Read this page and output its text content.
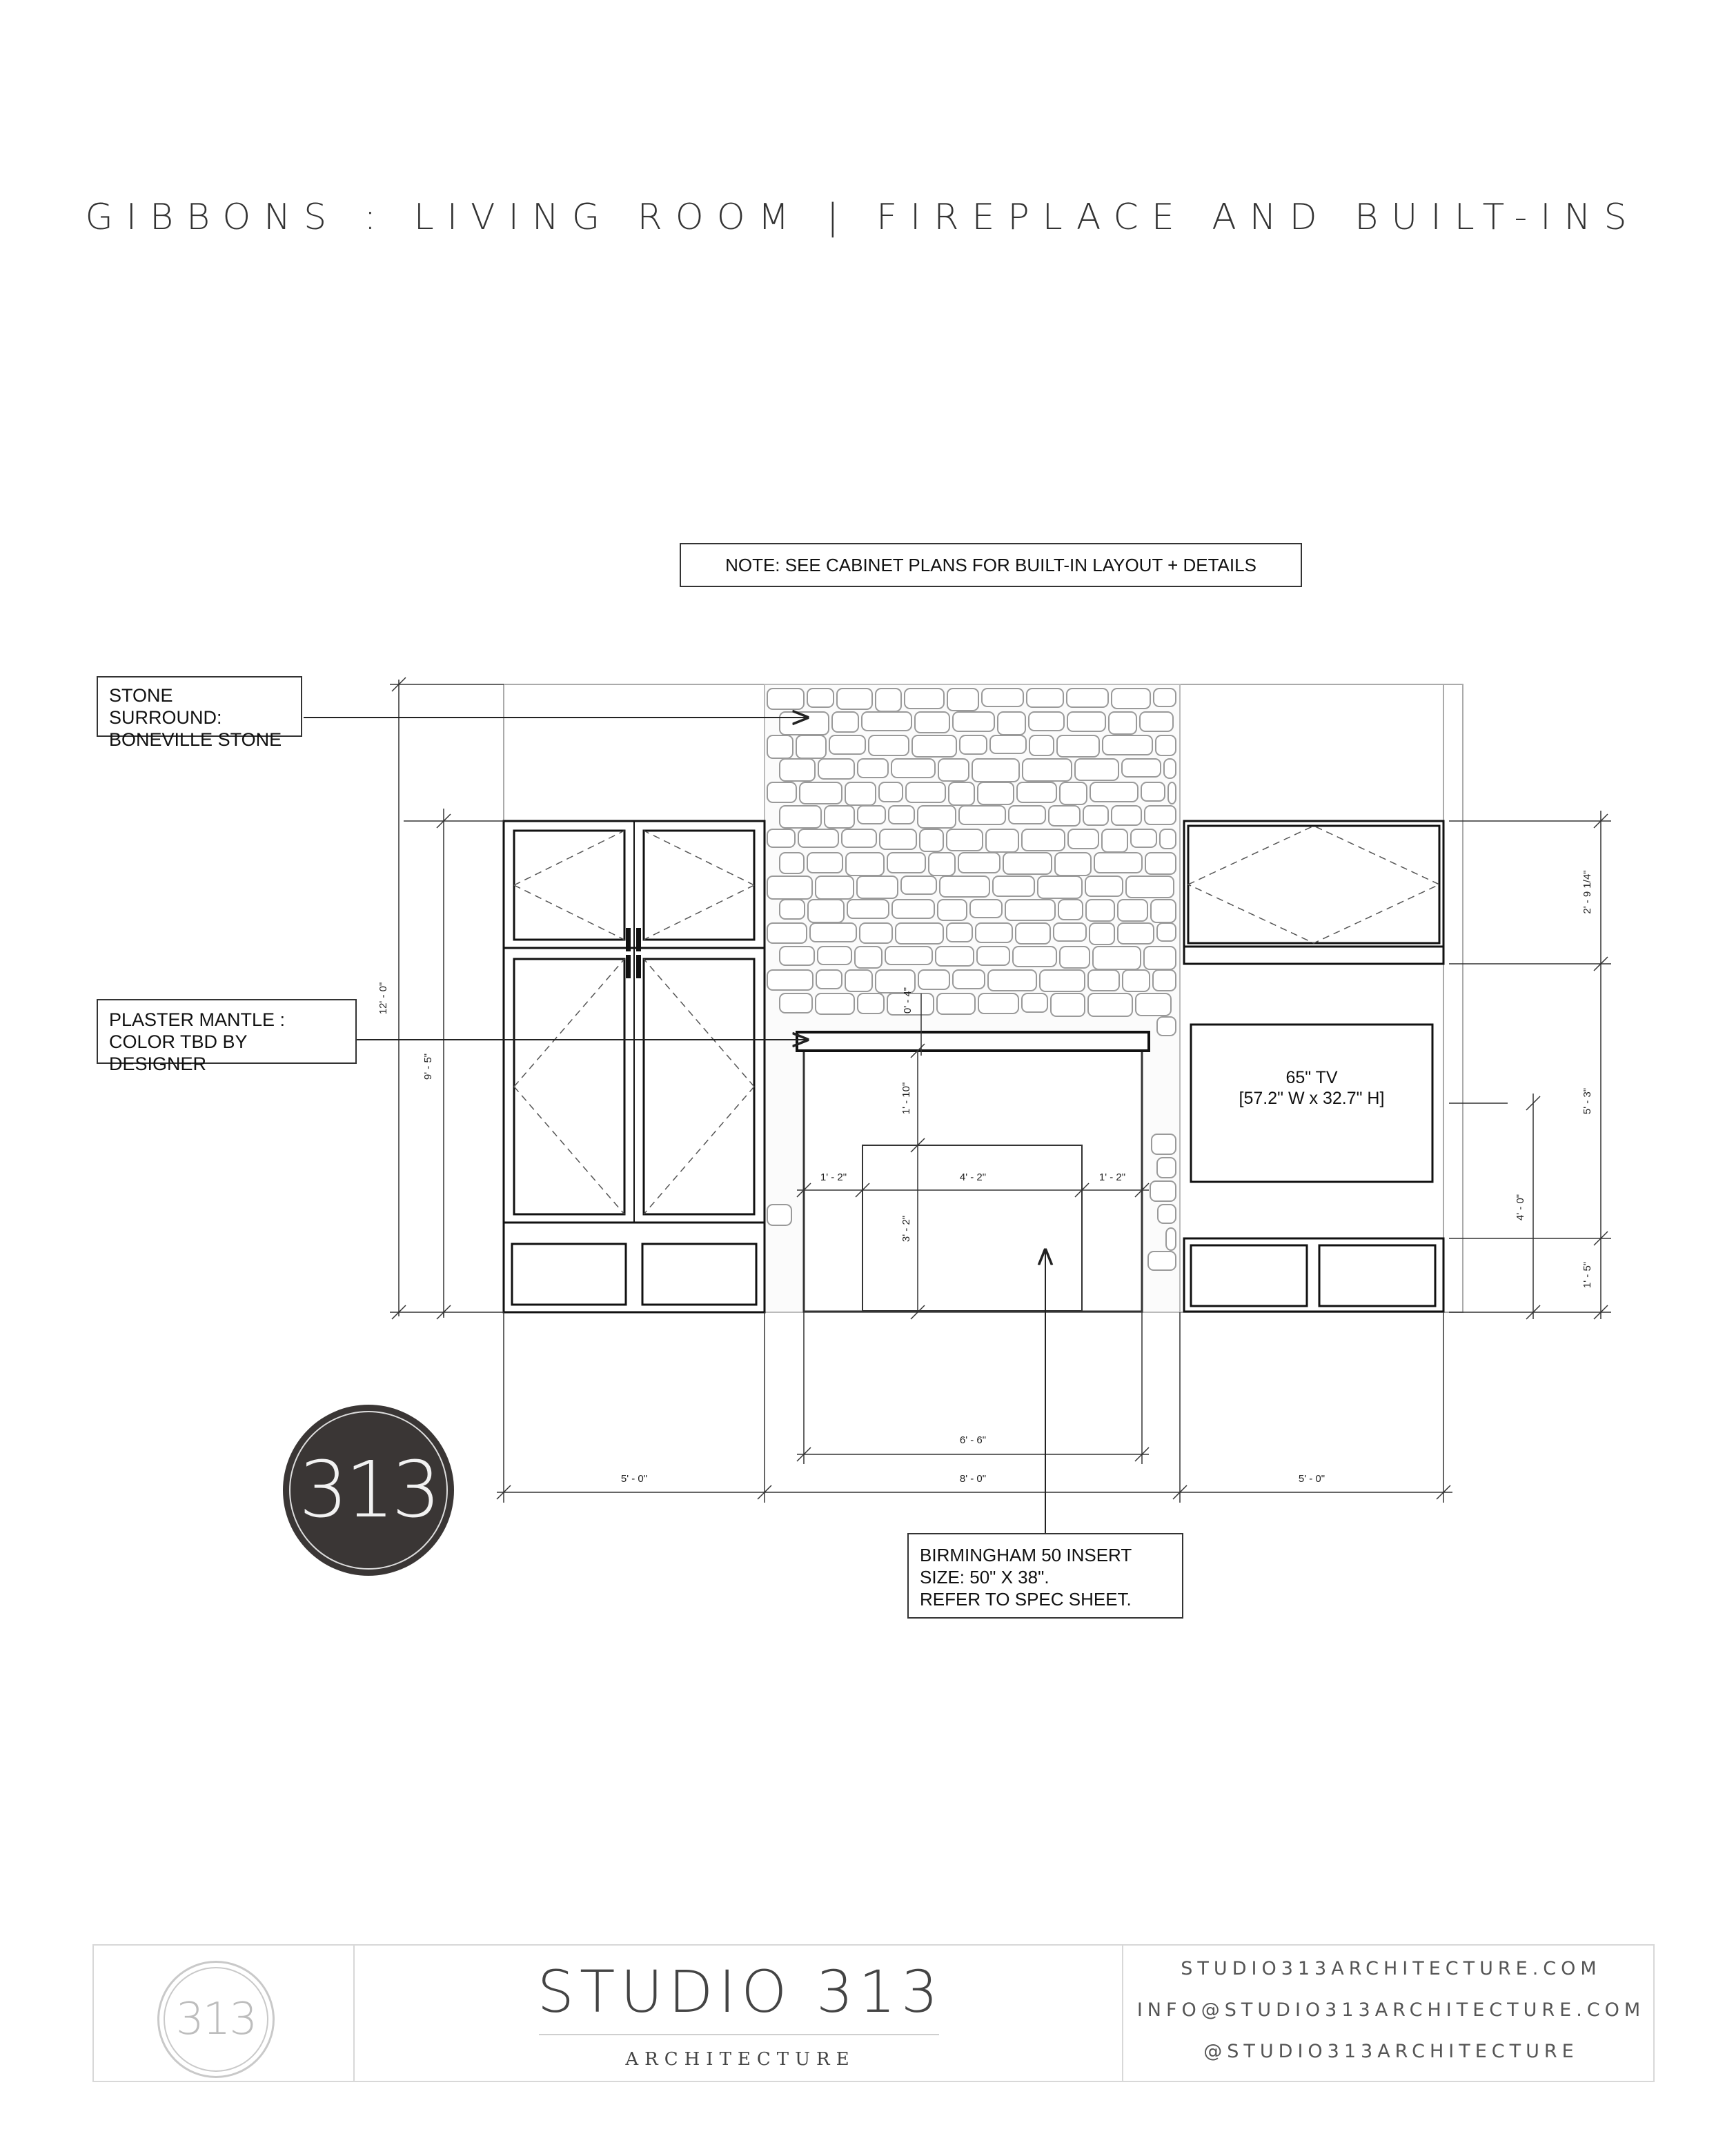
GIBBONS : LIVING ROOM | FIREPLACE AND BUILT-INS
65" TV
[57.2" W x 32.7" H]
12' - 0"
9' - 5"
0' - 4"
1' - 10"
3' - 2"
1' - 2"	4' - 2"	1' - 2"
2' - 9 1/4"
5' - 3"
4' - 0"
1' - 5"
6' - 6"
5' - 0"	8' - 0"	5' - 0"
NOTE: SEE CABINET PLANS FOR BUILT-IN LAYOUT + DETAILS
STONE SURROUND:
BONEVILLE STONE
PLASTER MANTLE :
COLOR TBD BY DESIGNER
BIRMINGHAM 50 INSERT
SIZE: 50" X 38".
REFER TO SPEC SHEET.
313
313	STUDIO 313
ARCHITECTURE
STUDIO313ARCHITECTURE.COM
INFO@STUDIO313ARCHITECTURE.COM
@STUDIO313ARCHITECTURE
